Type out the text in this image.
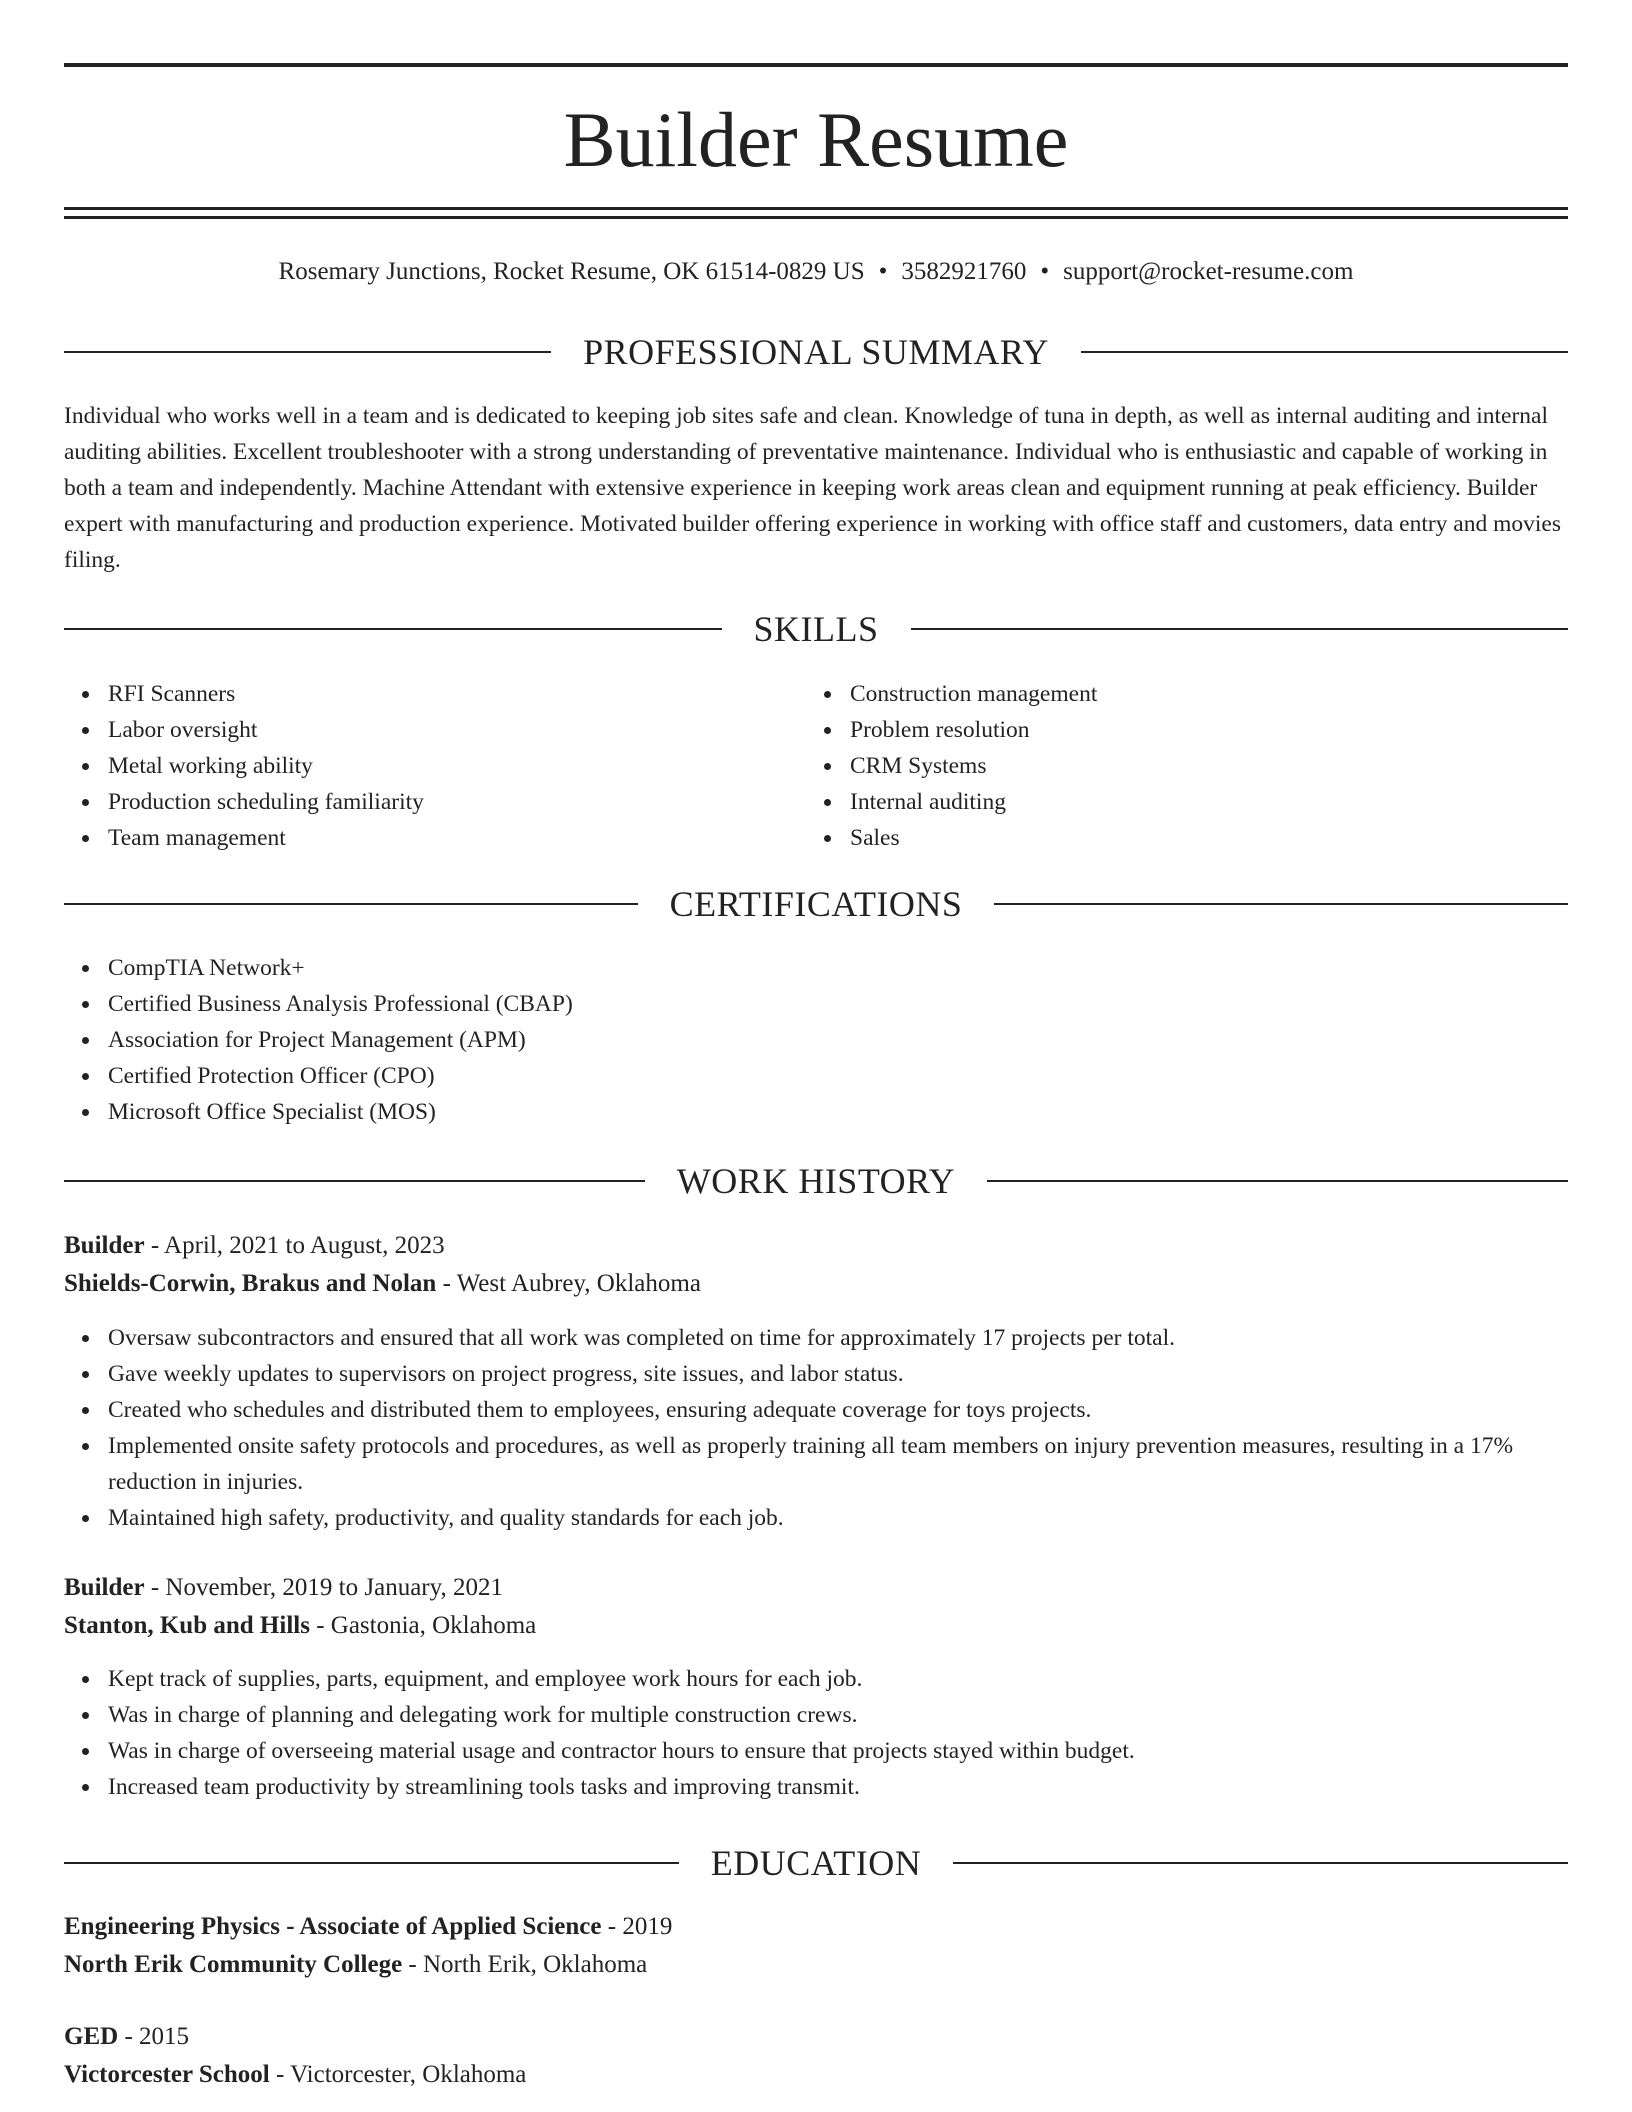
Builder Resume
Rosemary Junctions, Rocket Resume, OK 61514-0829 US • 3582921760 • support@rocket-resume.com
PROFESSIONAL SUMMARY
Individual who works well in a team and is dedicated to keeping job sites safe and clean. Knowledge of tuna in depth, as well as internal auditing and internal auditing abilities. Excellent troubleshooter with a strong understanding of preventative maintenance. Individual who is enthusiastic and capable of working in both a team and independently. Machine Attendant with extensive experience in keeping work areas clean and equipment running at peak efficiency. Builder expert with manufacturing and production experience. Motivated builder offering experience in working with office staff and customers, data entry and movies filing.
SKILLS
RFI Scanners
Labor oversight
Metal working ability
Production scheduling familiarity
Team management
Construction management
Problem resolution
CRM Systems
Internal auditing
Sales
CERTIFICATIONS
CompTIA Network+
Certified Business Analysis Professional (CBAP)
Association for Project Management (APM)
Certified Protection Officer (CPO)
Microsoft Office Specialist (MOS)
WORK HISTORY
Builder - April, 2021 to August, 2023
Shields-Corwin, Brakus and Nolan - West Aubrey, Oklahoma
Oversaw subcontractors and ensured that all work was completed on time for approximately 17 projects per total.
Gave weekly updates to supervisors on project progress, site issues, and labor status.
Created who schedules and distributed them to employees, ensuring adequate coverage for toys projects.
Implemented onsite safety protocols and procedures, as well as properly training all team members on injury prevention measures, resulting in a 17% reduction in injuries.
Maintained high safety, productivity, and quality standards for each job.
Builder - November, 2019 to January, 2021
Stanton, Kub and Hills - Gastonia, Oklahoma
Kept track of supplies, parts, equipment, and employee work hours for each job.
Was in charge of planning and delegating work for multiple construction crews.
Was in charge of overseeing material usage and contractor hours to ensure that projects stayed within budget.
Increased team productivity by streamlining tools tasks and improving transmit.
EDUCATION
Engineering Physics - Associate of Applied Science - 2019
North Erik Community College - North Erik, Oklahoma
GED - 2015
Victorcester School - Victorcester, Oklahoma
